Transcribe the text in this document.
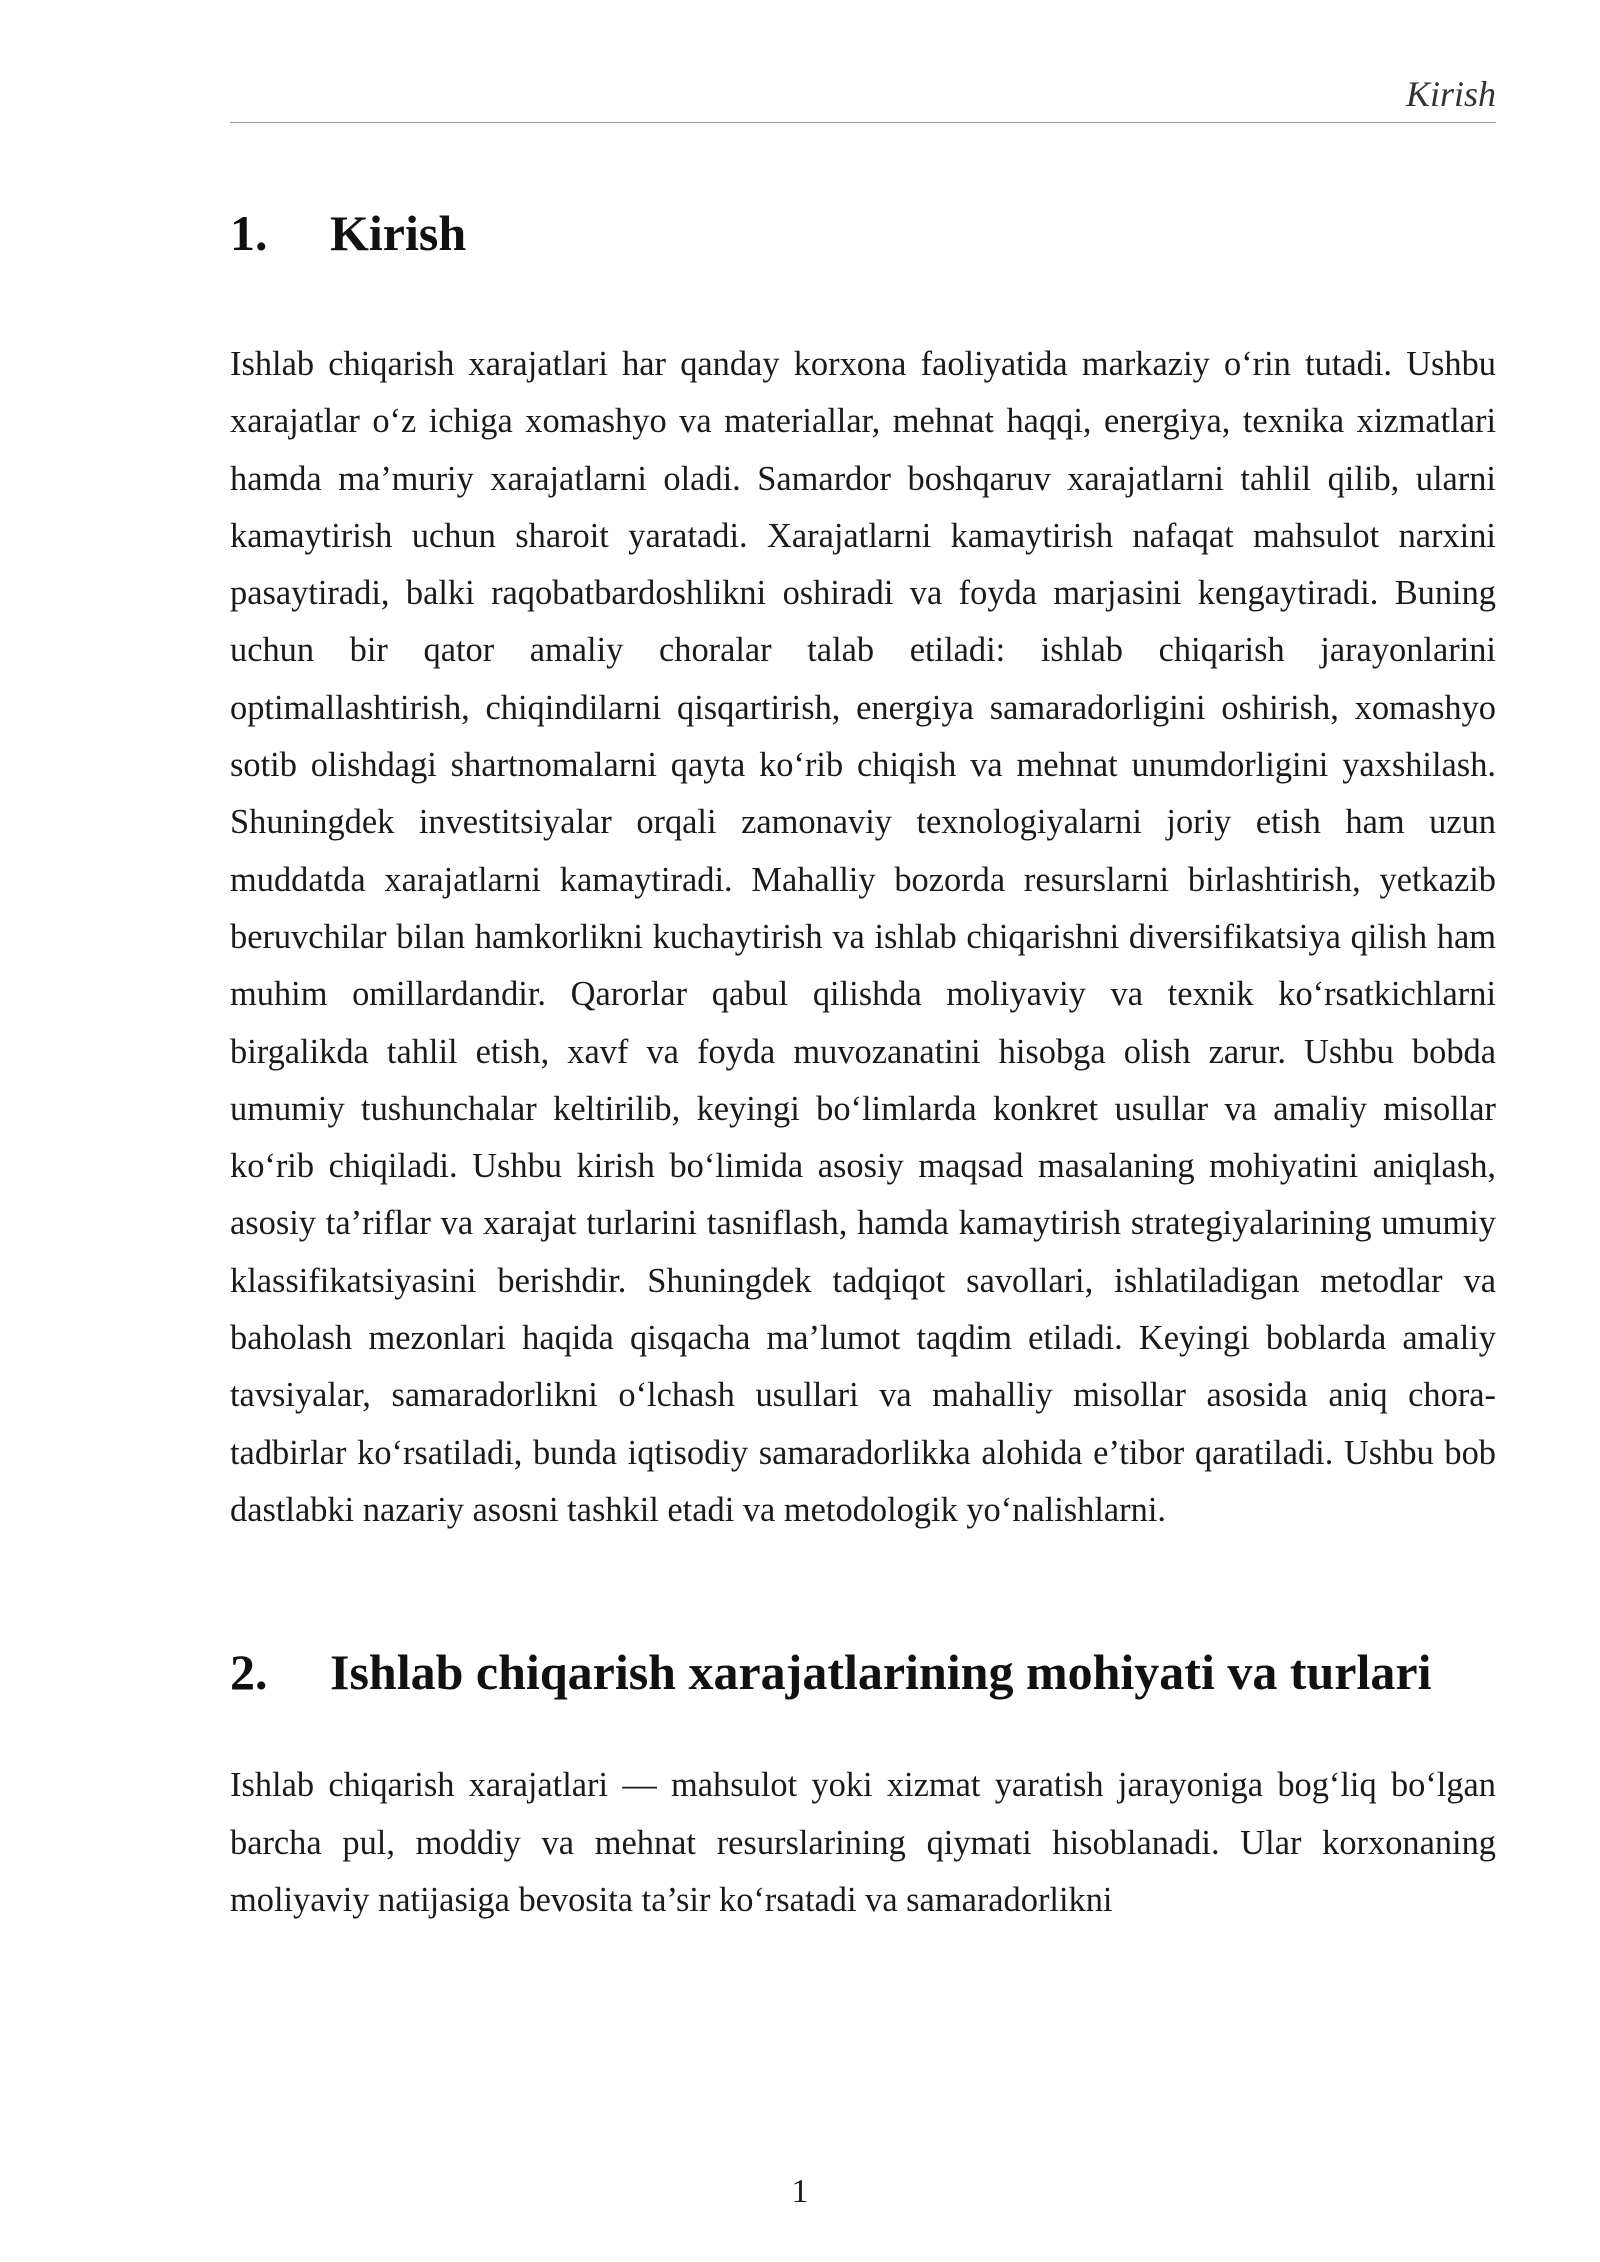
Kirish
1.	Kirish

Ishlab chiqarish xarajatlari har qanday korxona faoliyatida markaziy o‘rin tutadi. Ushbu xarajatlar o‘z ichiga xomashyo va materiallar, mehnat haqqi, energiya, texnika xizmatlari hamda ma’muriy xarajatlarni oladi. Samardor boshqaruv xarajatlarni tahlil qilib, ularni kamaytirish uchun sharoit yaratadi. Xarajatlarni kamaytirish nafaqat mahsulot narxini pasaytiradi, balki raqobatbardoshlikni oshiradi va foyda marjasini kengaytiradi. Buning uchun bir qator amaliy choralar talab etiladi: ishlab chiqarish jarayonlarini optimallashtirish, chiqindilarni qisqartirish, energiya samaradorligini oshirish, xomashyo sotib olishdagi shartnomalarni qayta ko‘rib chiqish va mehnat unumdorligini yaxshilash. Shuningdek investitsiyalar orqali zamonaviy texnologiyalarni joriy etish ham uzun muddatda xarajatlarni kamaytiradi. Mahalliy bozorda resurslarni birlashtirish, yetkazib beruvchilar bilan hamkorlikni kuchaytirish va ishlab chiqarishni diversifikatsiya qilish ham muhim omillardandir. Qarorlar qabul qilishda moliyaviy va texnik ko‘rsatkichlarni birgalikda tahlil etish, xavf va foyda muvozanatini hisobga olish zarur. Ushbu bobda umumiy tushunchalar keltirilib, keyingi bo‘limlarda konkret usullar va amaliy misollar ko‘rib chiqiladi. Ushbu kirish bo‘limida asosiy maqsad masalaning mohiyatini aniqlash, asosiy ta’riflar va xarajat turlarini tasniflash, hamda kamaytirish strategiyalarining umumiy klassifikatsiyasini berishdir. Shuningdek tadqiqot savollari, ishlatiladigan metodlar va baholash mezonlari haqida qisqacha ma’lumot taqdim etiladi. Keyingi boblarda amaliy tavsiyalar, samaradorlikni o‘lchash usullari va mahalliy misollar asosida aniq chora-tadbirlar ko‘rsatiladi, bunda iqtisodiy samaradorlikka alohida e’tibor qaratiladi. Ushbu bob dastlabki nazariy asosni tashkil etadi va metodologik yo‘nalishlarni.

2.	Ishlab chiqarish xarajatlarining mohiyati va turlari

Ishlab chiqarish xarajatlari — mahsulot yoki xizmat yaratish jarayoniga bog‘liq bo‘lgan barcha pul, moddiy va mehnat resurslarining qiymati hisoblanadi. Ular korxonaning moliyaviy natijasiga bevosita ta’sir ko‘rsatadi va samaradorlikni

1
